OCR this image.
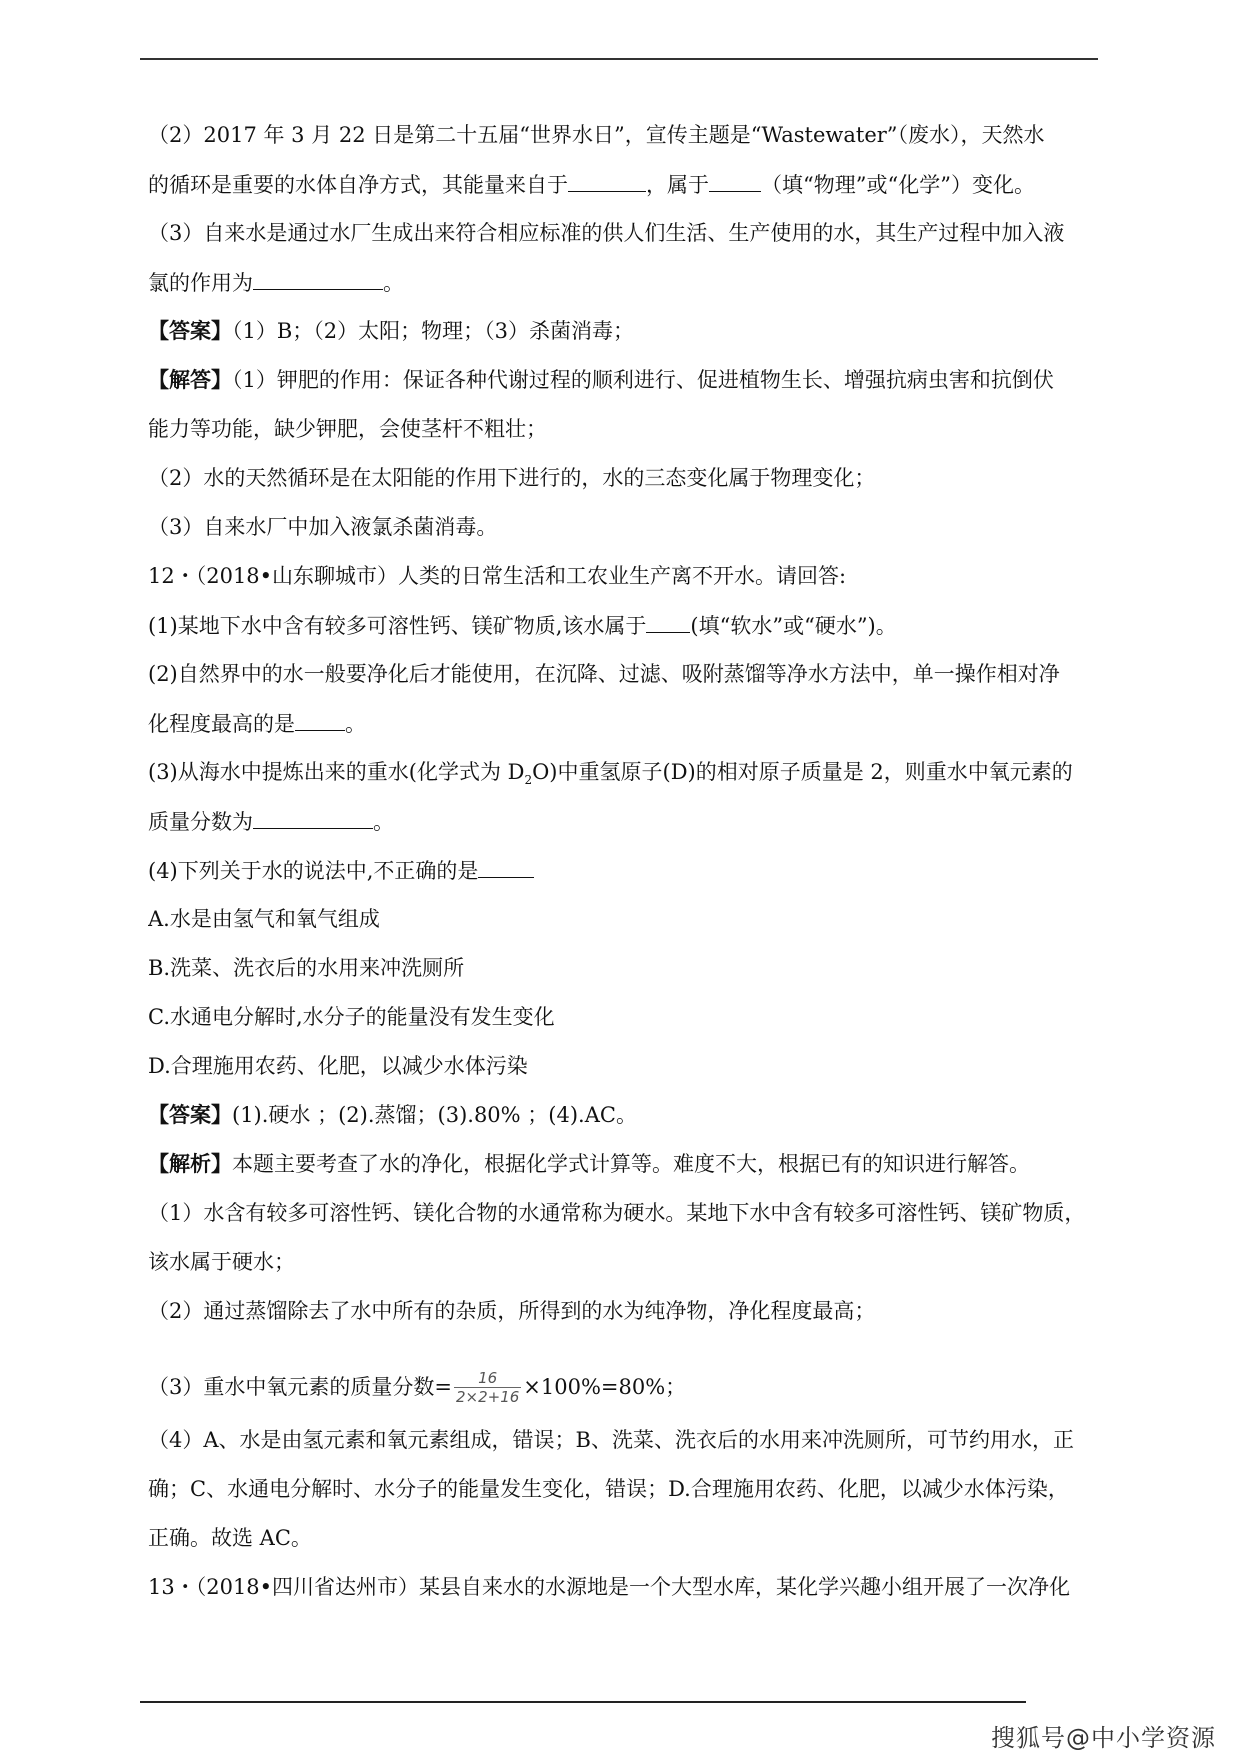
（2）2017 年 3 月 22 日是第二十五届“世界水日”，宣传主题是“Wastewater”（废水），天然水
的循环是重要的水体自净方式，其能量来自于	，属于 （填“物理”或“化学”）变化。
（3）自来水是通过水厂生成出来符合相应标准的供人们生活、生产使用的水，其生产过程中加入液
氯的作用为	。
【答案】（1）B；（2）太阳；物理；（3）杀菌消毒；
【解答】（1）钾肥的作用：保证各种代谢过程的顺利进行、促进植物生长、增强抗病虫害和抗倒伏
能力等功能，缺少钾肥，会使茎杆不粗壮；
（2）水的天然循环是在太阳能的作用下进行的，水的三态变化属于物理变化；
（3）自来水厂中加入液氯杀菌消毒。
12・（2018•山东聊城市）人类的日常生活和工农业生产离不开水。请回答:
(1)某地下水中含有较多可溶性钙、镁矿物质,该水属于 (填“软水”或“硬水”)。
(2)自然界中的水一般要净化后才能使用，在沉降、过滤、吸附蒸馏等净水方法中，单一操作相对净
化程度最高的是 。
(3)从海水中提炼出来的重水(化学式为 $D_2O$)中重氢原子(D)的相对原子质量是 2，则重水中氧元素的
质量分数为	。
(4)下列关于水的说法中,不正确的是
A.水是由氢气和氧气组成
B.洗菜、洗衣后的水用来冲洗厕所
C.水通电分解时,水分子的能量没有发生变化
D.合理施用农药、化肥，以减少水体污染
【答案】(1).硬水 ；(2).蒸馏；(3).80% ；(4).AC。
【解析】本题主要考查了水的净化，根据化学式计算等。难度不大，根据已有的知识进行解答。
（1）水含有较多可溶性钙、镁化合物的水通常称为硬水。某地下水中含有较多可溶性钙、镁矿物质，
该水属于硬水；
（2）通过蒸馏除去了水中所有的杂质，所得到的水为纯净物，净化程度最高；
（3）重水中氧元素的质量分数= $\frac{16}{2\times 2+16} \times 100\%=80\%$；
（4）A、水是由氢元素和氧元素组成，错误；B、洗菜、洗衣后的水用来冲洗厕所，可节约用水，正
确；C、水通电分解时、水分子的能量发生变化，错误；D.合理施用农药、化肥，以减少水体污染，
正确。故选 AC。
13・（2018•四川省达州市）某县自来水的水源地是一个大型水库，某化学兴趣小组开展了一次净化
搜狐号@中小学资源
